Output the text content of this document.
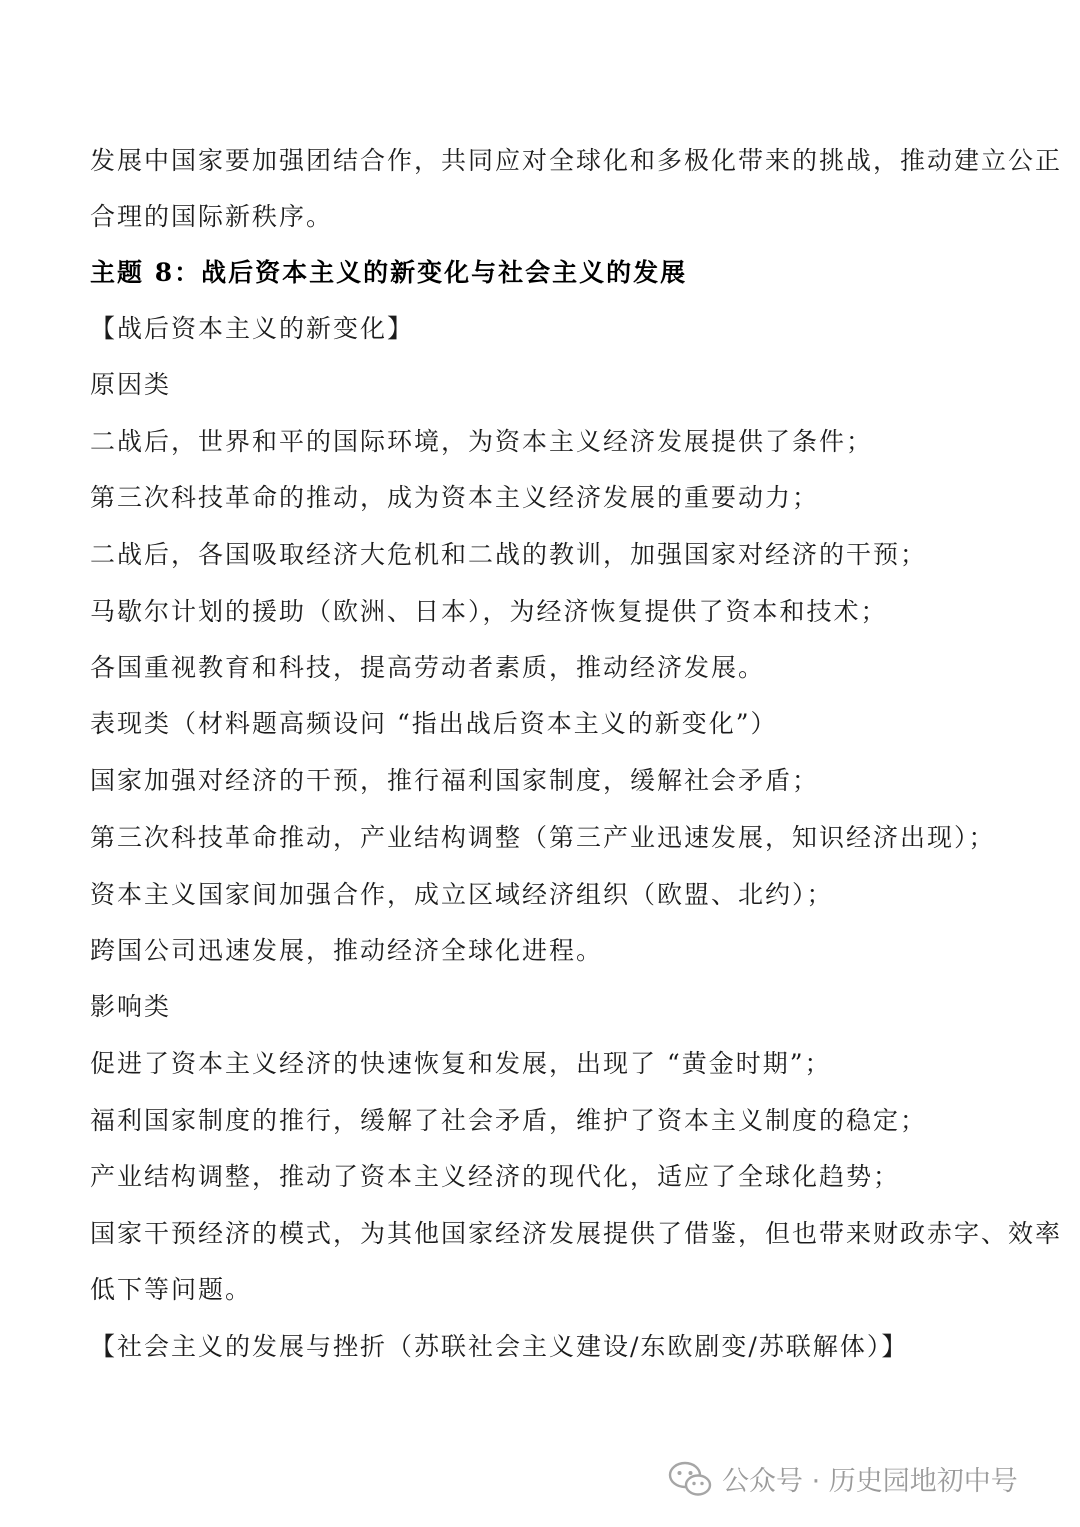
发展中国家要加强团结合作，共同应对全球化和多极化带来的挑战，推动建立公正
合理的国际新秩序。
主题 8：战后资本主义的新变化与社会主义的发展
【战后资本主义的新变化】
原因类
二战后，世界和平的国际环境，为资本主义经济发展提供了条件；
第三次科技革命的推动，成为资本主义经济发展的重要动力；
二战后，各国吸取经济大危机和二战的教训，加强国家对经济的干预；
马歇尔计划的援助（欧洲、日本），为经济恢复提供了资本和技术；
各国重视教育和科技，提高劳动者素质，推动经济发展。
表现类（材料题高频设问 “指出战后资本主义的新变化”）
国家加强对经济的干预，推行福利国家制度，缓解社会矛盾；
第三次科技革命推动，产业结构调整（第三产业迅速发展，知识经济出现）；
资本主义国家间加强合作，成立区域经济组织（欧盟、北约）；
跨国公司迅速发展，推动经济全球化进程。
影响类
促进了资本主义经济的快速恢复和发展，出现了 “黄金时期”；
福利国家制度的推行，缓解了社会矛盾，维护了资本主义制度的稳定；
产业结构调整，推动了资本主义经济的现代化，适应了全球化趋势；
国家干预经济的模式，为其他国家经济发展提供了借鉴，但也带来财政赤字、效率
低下等问题。
【社会主义的发展与挫折（苏联社会主义建设/东欧剧变/苏联解体）】
公众号 · 历史园地初中号
